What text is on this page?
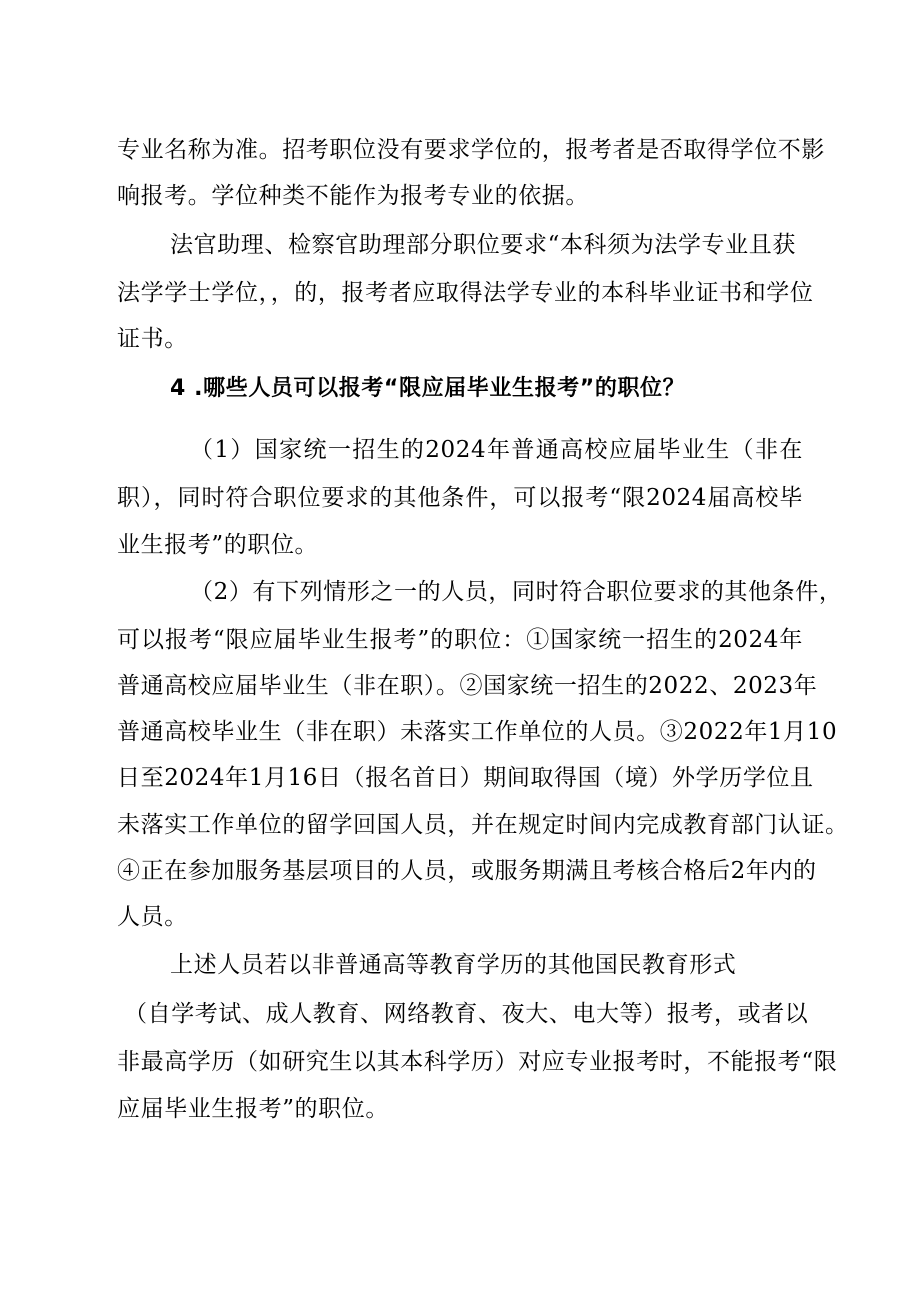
专业名称为准。招考职位没有要求学位的，报考者是否取得学位不影
响报考。学位种类不能作为报考专业的依据。
法官助理、检察官助理部分职位要求“本科须为法学专业且获
法学学士学位，，的，报考者应取得法学专业的本科毕业证书和学位
证书。
4 .哪些人员可以报考“限应届毕业生报考”的职位？
（1）国家统一招生的2024年普通高校应届毕业生（非在
职），同时符合职位要求的其他条件，可以报考“限2024届高校毕
业生报考”的职位。
（2）有下列情形之一的人员，同时符合职位要求的其他条件，
可以报考“限应届毕业生报考”的职位：①国家统一招生的2024年
普通高校应届毕业生（非在职）。②国家统一招生的2022、2023年
普通高校毕业生（非在职）未落实工作单位的人员。③2022年1月10
日至2024年1月16日（报名首日）期间取得国（境）外学历学位且
未落实工作单位的留学回国人员，并在规定时间内完成教育部门认证。
④正在参加服务基层项目的人员，或服务期满且考核合格后2年内的
人员。
上述人员若以非普通高等教育学历的其他国民教育形式
（自学考试、成人教育、网络教育、夜大、电大等）报考，或者以
非最高学历（如研究生以其本科学历）对应专业报考时，不能报考“限
应届毕业生报考”的职位。
